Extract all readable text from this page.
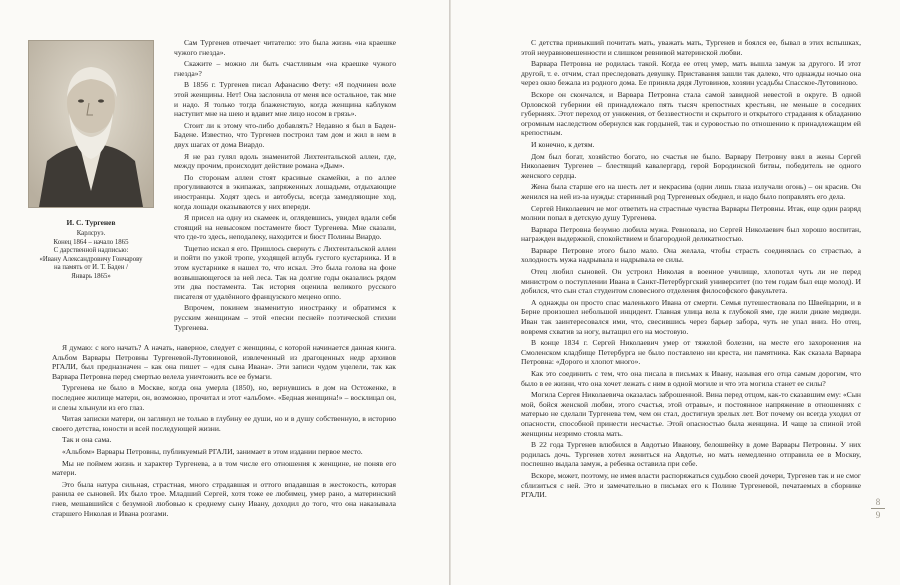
И. С. Тургенев
Карлсруэ.
Конец 1864 – начало 1865
С дарственной надписью:
«Ивану Александровичу Гончарову
на память от И. Т. Баден /
Январь 1865»

Сам Тургенев отвечает читателю: это была жизнь «на краешке чужого гнезда».

Скажите – можно ли быть счастливым «на краешке чужого гнезда»?

В 1856 г. Тургенев писал Афанасию Фету: «Я подчинен воле этой женщины. Нет! Она заслонила от меня все остальное, так мне и надо. Я только тогда блаженствую, когда женщина каблуком наступит мне на шею и вдавит мне лицо носом в грязь».

Стоит ли к этому что-либо добавлять? Недавно я был в Баден-Бадене. Известно, что Тургенев построил там дом и жил в нем в двух шагах от дома Виардо.

Я не раз гулял вдоль знаменитой Лихтентальской аллеи, где, между прочим, происходит действие романа «Дым».

По сторонам аллеи стоят красивые скамейки, а по аллее прогуливаются в экипажах, запряженных лошадьми, отдыхающие иностранцы. Ходят здесь и автобусы, всегда замедляющие ход, когда лошади оказываются у них впереди.

Я присел на одну из скамеек и, оглядевшись, увидел вдали себя стоящий на невысоком постаменте бюст Тургенева. Мне сказали, что где-то здесь, неподалеку, находится и бюст Полины Виардо.

Тщетно искал я его. Пришлось свернуть с Лихтентальской аллеи и пойти по узкой тропе, уходящей вглубь густого кустарника. И в этом кустарнике я нашел то, что искал. Это была голова на фоне возвышающегося за ней леса. Так на долгие годы оказались рядом эти два постамента. Так история оценила великого русского писателя от удалённого французского мецено оппо.

Впрочем, покинем знаменитую иностранку и обратимся к русским женщинам – этой «песни песней» поэтической стихии Тургенева.

Я думаю: с кого начать? А начать, наверное, следует с женщины, с которой начинается данная книга. Альбом Варвары Петровны Тургеневой-Лутовиновой, извлеченный из драгоценных недр архивов РГАЛИ, был предназначен – как она пишет – «для сына Ивана». Эти записи чудом уцелели, так как Варвара Петровна перед смертью велела уничтожить все ее бумаги.

Тургенева не было в Москве, когда она умерла (1850), но, вернувшись в дом на Остоженке, в последнее жилище матери, он, возможно, прочитал и этот «альбом». «Бедная женщина!» – восклицал он, и слезы хлынули из его глаз.

Читая записки матери, он заглянул не только в глубину ее души, но и в душу собственную, в историю своего детства, юности и всей последующей жизни.

Так и она сама.

«Альбом» Варвары Петровны, публикуемый РГАЛИ, занимает в этом издании первое место.

Мы не поймем жизнь и характер Тургенева, а в том числе его отношения к женщине, не поняв его матери.

Это была натура сильная, страстная, много страдавшая и оттого впадавшая в жестокость, которая ранила ее сыновей. Их было трое. Младший Сергей, хотя тоже ее любимец, умер рано, а материнский гнев, мешавшийся с безумной любовью к среднему сыну Ивану, доходил до того, что она наказывала старшего Николая и Ивана розгами.

С детства привыкший почитать мать, уважать мать, Тургенев и боялся ее, бывал в этих вспышках, этой неуравновешенности и слишком ревнивой материнской любви.

Варвара Петровна не родилась такой. Когда ее отец умер, мать вышла замуж за другого. И этот другой, т. е. отчим, стал преследовать девушку. Приставания зашли так далеко, что однажды ночью она через окно бежала из родного дома. Ее приняла дядя Лутовинов, хозяин усадьбы Спасское-Лутовиново.

Вскоре он скончался, и Варвара Петровна стала самой завидной невестой в округе. В одной Орловской губернии ей принадлежало пять тысяч крепостных крестьян, не меньше в соседних губерниях. Этот переход от унижения, от беззвестности и скрытого и открытого страдания к обладанию огромным наследством обернулся как гордыней, так и суровостью по отношению к принадлежащим ей крепостным.

И конечно, к детям.

Дом был богат, хозяйство богато, но счастья не было. Варвару Петровну взял в жены Сергей Николаевич Тургенев – блестящий кавалергард, герой Бородинской битвы, победитель не одного женского сердца.

Жена была старше его на шесть лет и некрасива (одни лишь глаза излучали огонь) – он красив. Он женился на ней из-за нужды: старинный род Тургеневых обеднел, и надо было поправлять его дела.

Сергей Николаевич не мог ответить на страстные чувства Варвары Петровны. Итак, еще один разряд молнии попал в детскую душу Тургенева.

Варвара Петровна безумно любила мужа. Ревновала, но Сергей Николаевич был хорошо воспитан, награжден выдержкой, спокойствием и благородной деликатностью.

Варваре Петровне этого было мало. Она желала, чтобы страсть соединялась со страстью, а холодность мужа надрывала и надрывала ее силы.

Отец любил сыновей. Он устроил Николая в военное училище, хлопотал чуть ли не перед министром о поступлении Ивана в Санкт-Петербургский университет (по тем годам был еще молод). И добился, что сын стал студентом словесного отделения философского факультета.

А однажды он просто спас маленького Ивана от смерти. Семья путешествовала по Швейцарии, и в Берне произошел небольшой инцидент. Главная улица вела к глубокой яме, где жили дикие медведи. Иван так заинтересовался ими, что, свесившись через барьер забора, чуть не упал вниз. Но отец, вовремя схватив за ногу, вытащил его на мостовую.

В конце 1834 г. Сергей Николаевич умер от тяжелой болезни, на месте его захоронения на Смоленском кладбище Петербурга не было поставлено ни креста, ни памятника. Как сказала Варвара Петровна: «Дорого и хлопот много».

Как это соединить с тем, что она писала в письмах к Ивану, называя его отца самым дорогим, что было в ее жизни, что она хочет лежать с ним в одной могиле и что эта могила станет ее силы?

Могила Сергея Николаевича оказалась заброшенной. Вина перед отцом, как-то сказавшим ему: «Сын мой, бойся женской любви, этого счастья, этой отравы», и постоянное напряжение в отношениях с матерью не сделали Тургенева тем, чем он стал, достигнув зрелых лет. Вот почему он всегда уходил от опасности, способной принести несчастье. Этой опасностью была женщина. И чаще за спиной этой женщины незримо стояла мать.

В 22 года Тургенев влюбился в Авдотью Иванову, белошвейку в доме Варвары Петровны. У них родилась дочь. Тургенев хотел жениться на Авдотье, но мать немедленно отправила ее в Москву, поспешно выдала замуж, а ребенка оставила при себе.

Вскоре, может, поэтому, не имея власти распоряжаться судьбою своей дочери, Тургенев так и не смог сблизиться с ней. Это и замечательно в письмах его к Полине Тургеневой, печатаемых в сборнике РГАЛИ.

8
9
